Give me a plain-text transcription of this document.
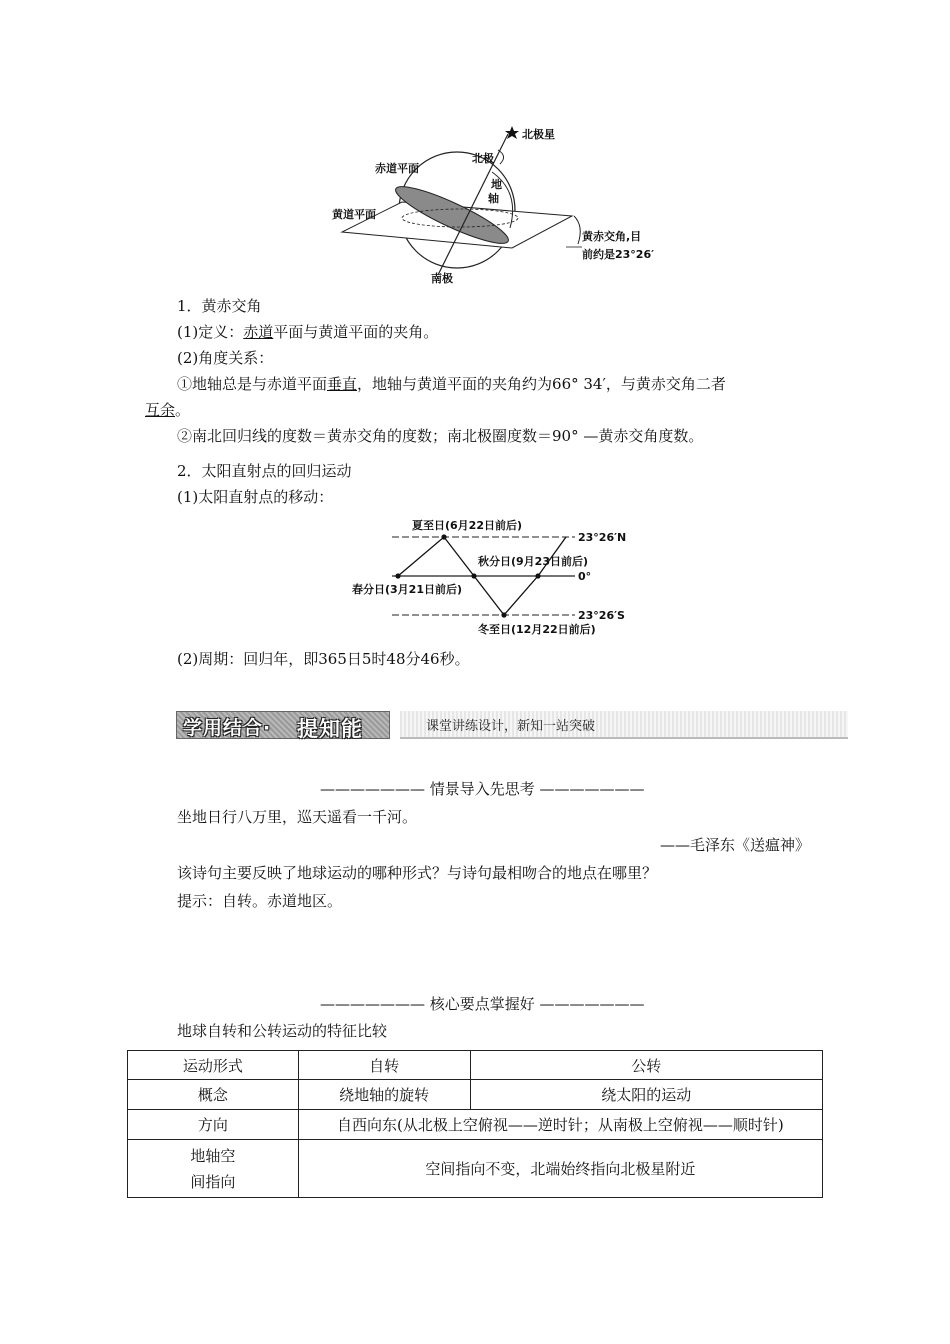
北极星
北极
赤道平面
地
轴
黄道平面
黄赤交角,目
前约是23°26′
南极
1．黄赤交角
(1)定义：赤道平面与黄道平面的夹角。
(2)角度关系：
①地轴总是与赤道平面垂直，地轴与黄道平面的夹角约为66° 34′，与黄赤交角二者
互余。
②南北回归线的度数＝黄赤交角的度数；南北极圈度数＝90° —黄赤交角度数。
2．太阳直射点的回归运动
(1)太阳直射点的移动：
夏至日(6月22日前后)
23°26′N
秋分日(9月23日前后)
0°
春分日(3月21日前后)
23°26′S
冬至日(12月22日前后)
(2)周期：回归年，即365日5时48分46秒。
学用结合· 提知能	课堂讲练设计，新知一站突破
——————— 情景导入先思考 ———————
坐地日行八万里，巡天遥看一千河。
——毛泽东《送瘟神》
该诗句主要反映了地球运动的哪种形式？与诗句最相吻合的地点在哪里？
提示：自转。赤道地区。
——————— 核心要点掌握好 ———————
地球自转和公转运动的特征比较
运动形式	自转	公转
概念	绕地轴的旋转	绕太阳的运动
方向	自西向东(从北极上空俯视——逆时针；从南极上空俯视——顺时针)	

地轴空
间指向	空间指向不变，北端始终指向北极星附近	
